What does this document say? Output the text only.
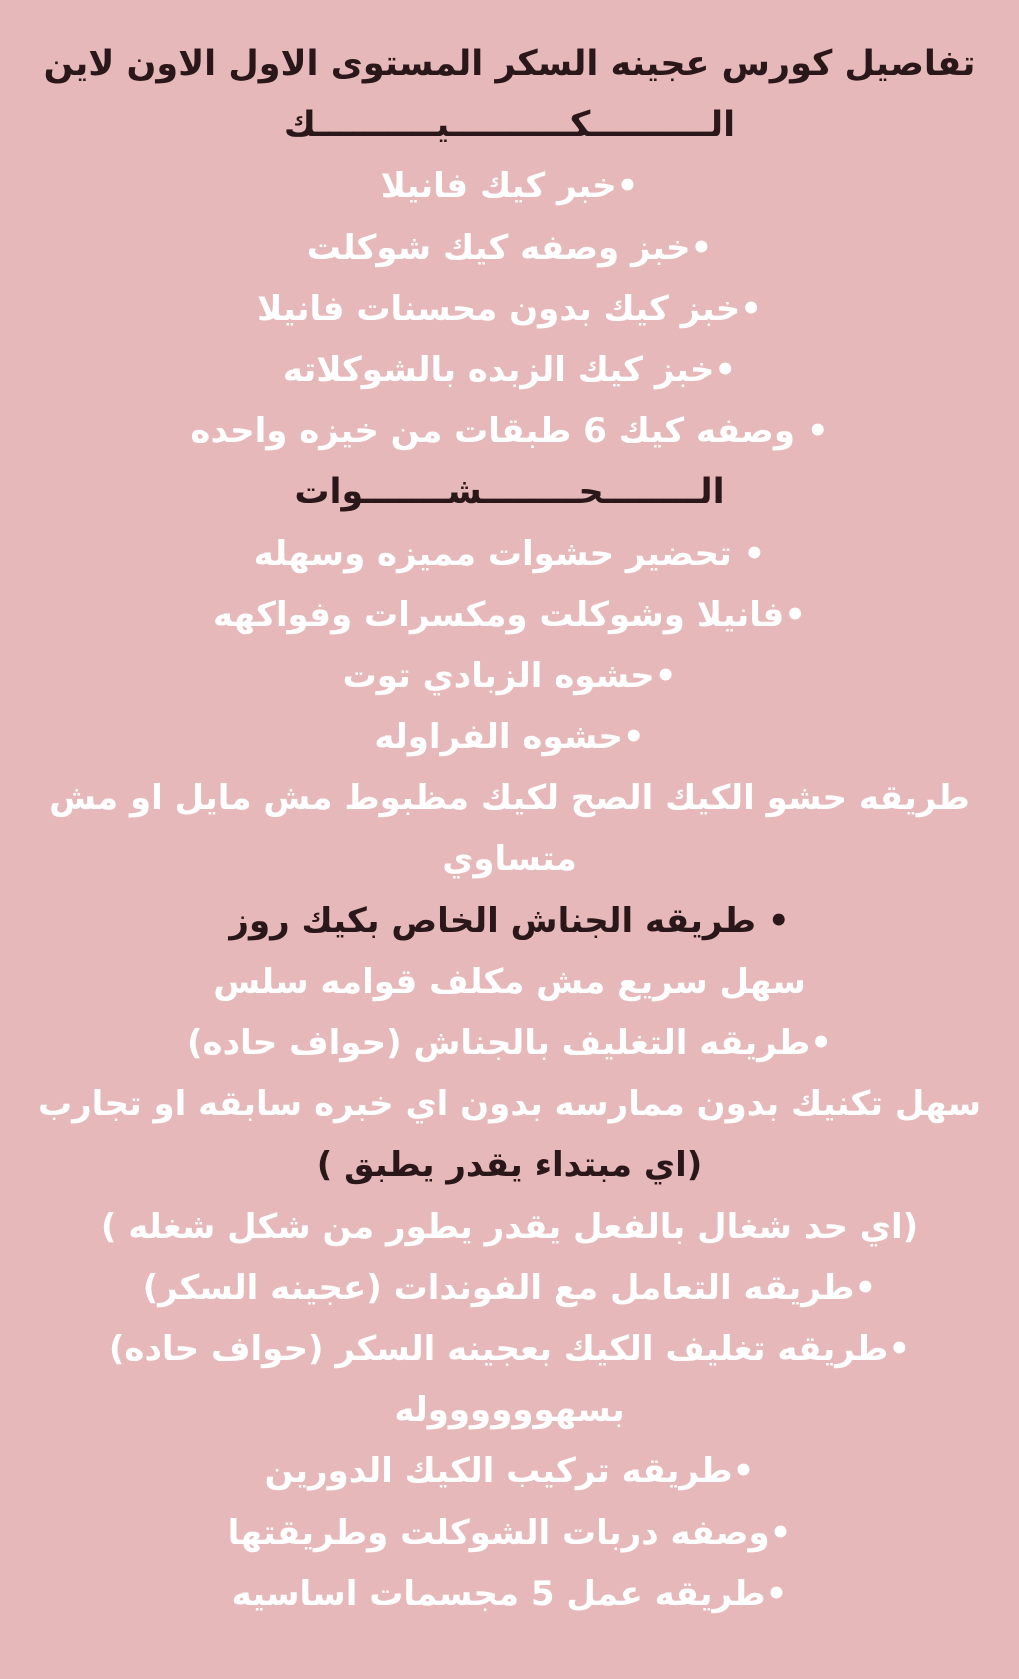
تفاصيل كورس عجينه السكر المستوى الاول الاون لاين
الــــــــــكــــــــــيــــــــــك
•خبر كيك فانيلا
•خبز وصفه كيك شوكلت
•خبز كيك بدون محسنات فانيلا
•خبز كيك الزبده بالشوكلاته
• وصفه كيك 6 طبقات من خيزه واحده
الــــــــحــــــــشـــــــوات
• تحضير حشوات مميزه وسهله
•فانيلا وشوكلت ومكسرات وفواكهه
•حشوه الزبادي توت
•حشوه الفراوله
طريقه حشو الكيك الصح لكيك مظبوط مش مايل او مش
متساوي
• طريقه الجناش الخاص بكيك روز
سهل سريع مش مكلف قوامه سلس
•طريقه التغليف بالجناش (حواف حاده)
سهل تكنيك بدون ممارسه بدون اي خبره سابقه او تجارب
(اي مبتداء يقدر يطبق )
(اي حد شغال بالفعل يقدر يطور من شكل شغله )
•طريقه التعامل مع الفوندات (عجينه السكر)
•طريقه تغليف الكيك بعجينه السكر (حواف حاده)
بسهووووووله
•طريقه تركيب الكيك الدورين
•وصفه دربات الشوكلت وطريقتها
•طريقه عمل 5 مجسمات اساسيه
